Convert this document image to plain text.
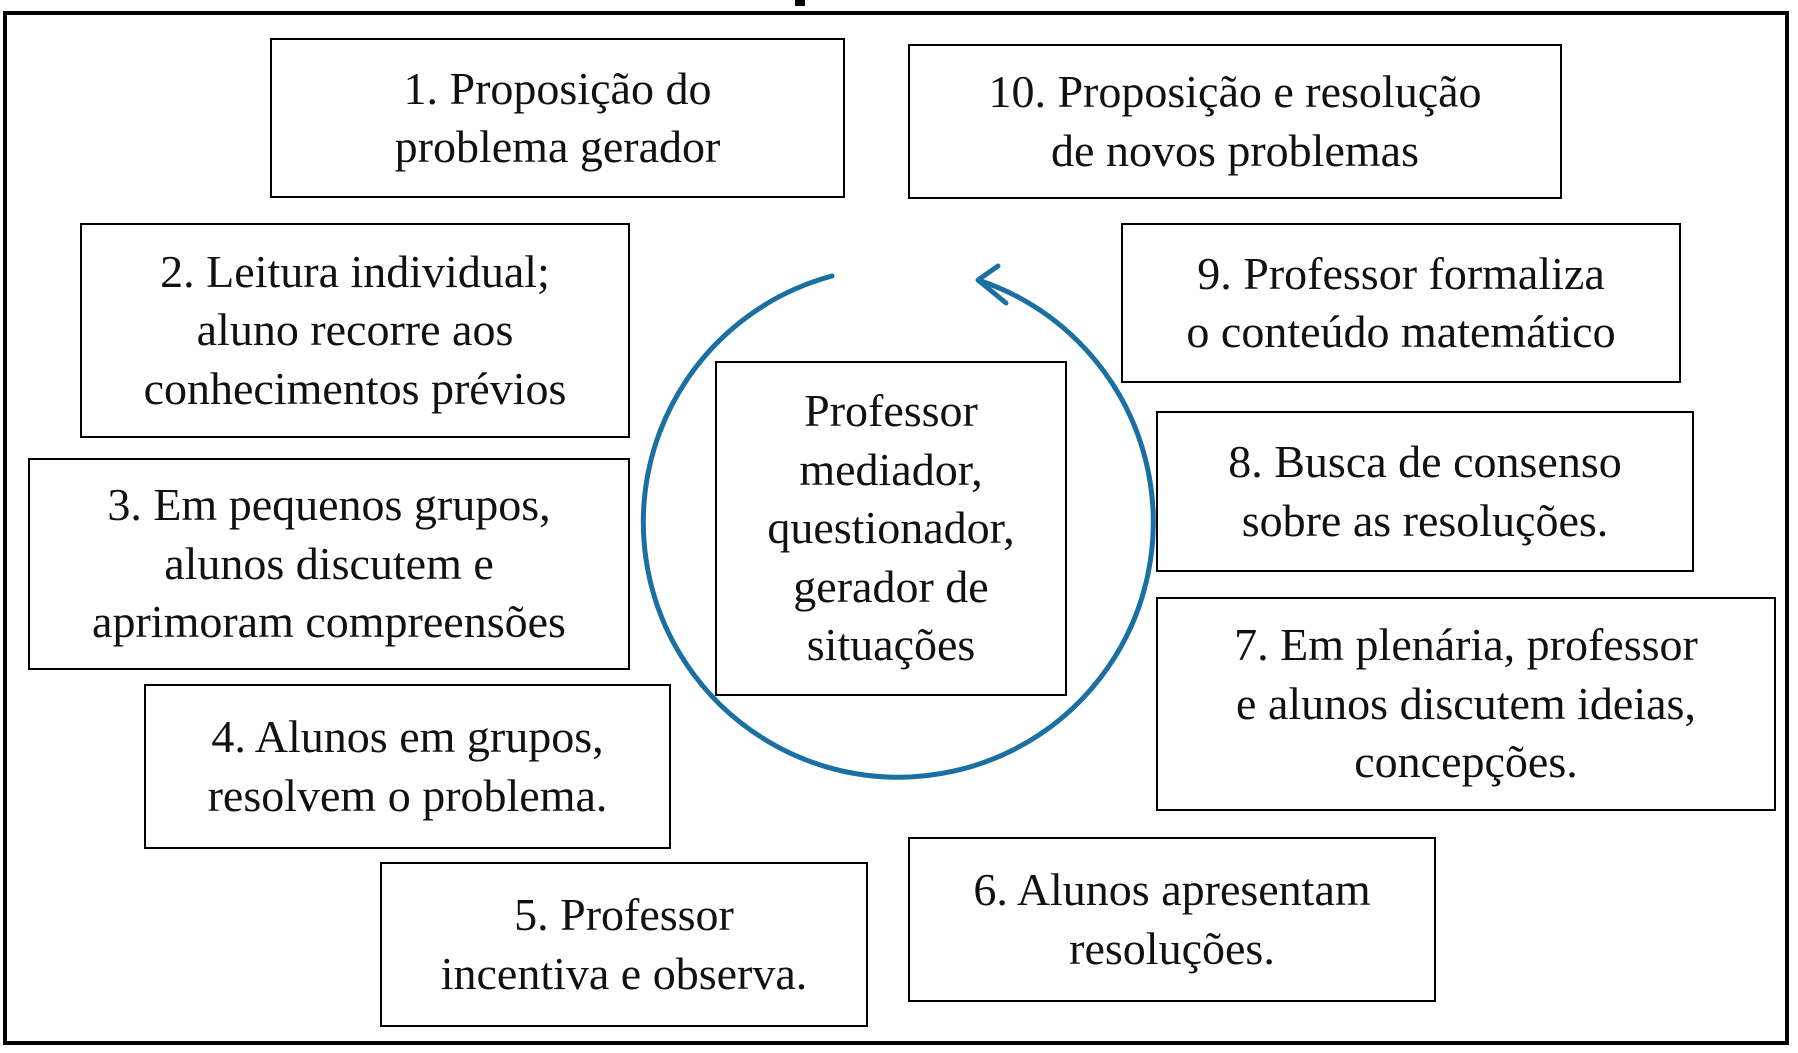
Professor
mediador,
questionador,
gerador de
situações
1. Proposição do
problema gerador
2. Leitura individual;
aluno recorre aos
conhecimentos prévios
3. Em pequenos grupos,
alunos discutem e
aprimoram compreensões
4. Alunos em grupos,
resolvem o problema.
5. Professor
incentiva e observa.
6. Alunos apresentam
resoluções.
7. Em plenária, professor
e alunos discutem ideias,
concepções.
8. Busca de consenso
sobre as resoluções.
9. Professor formaliza
o conteúdo matemático
10. Proposição e resolução
de novos problemas
